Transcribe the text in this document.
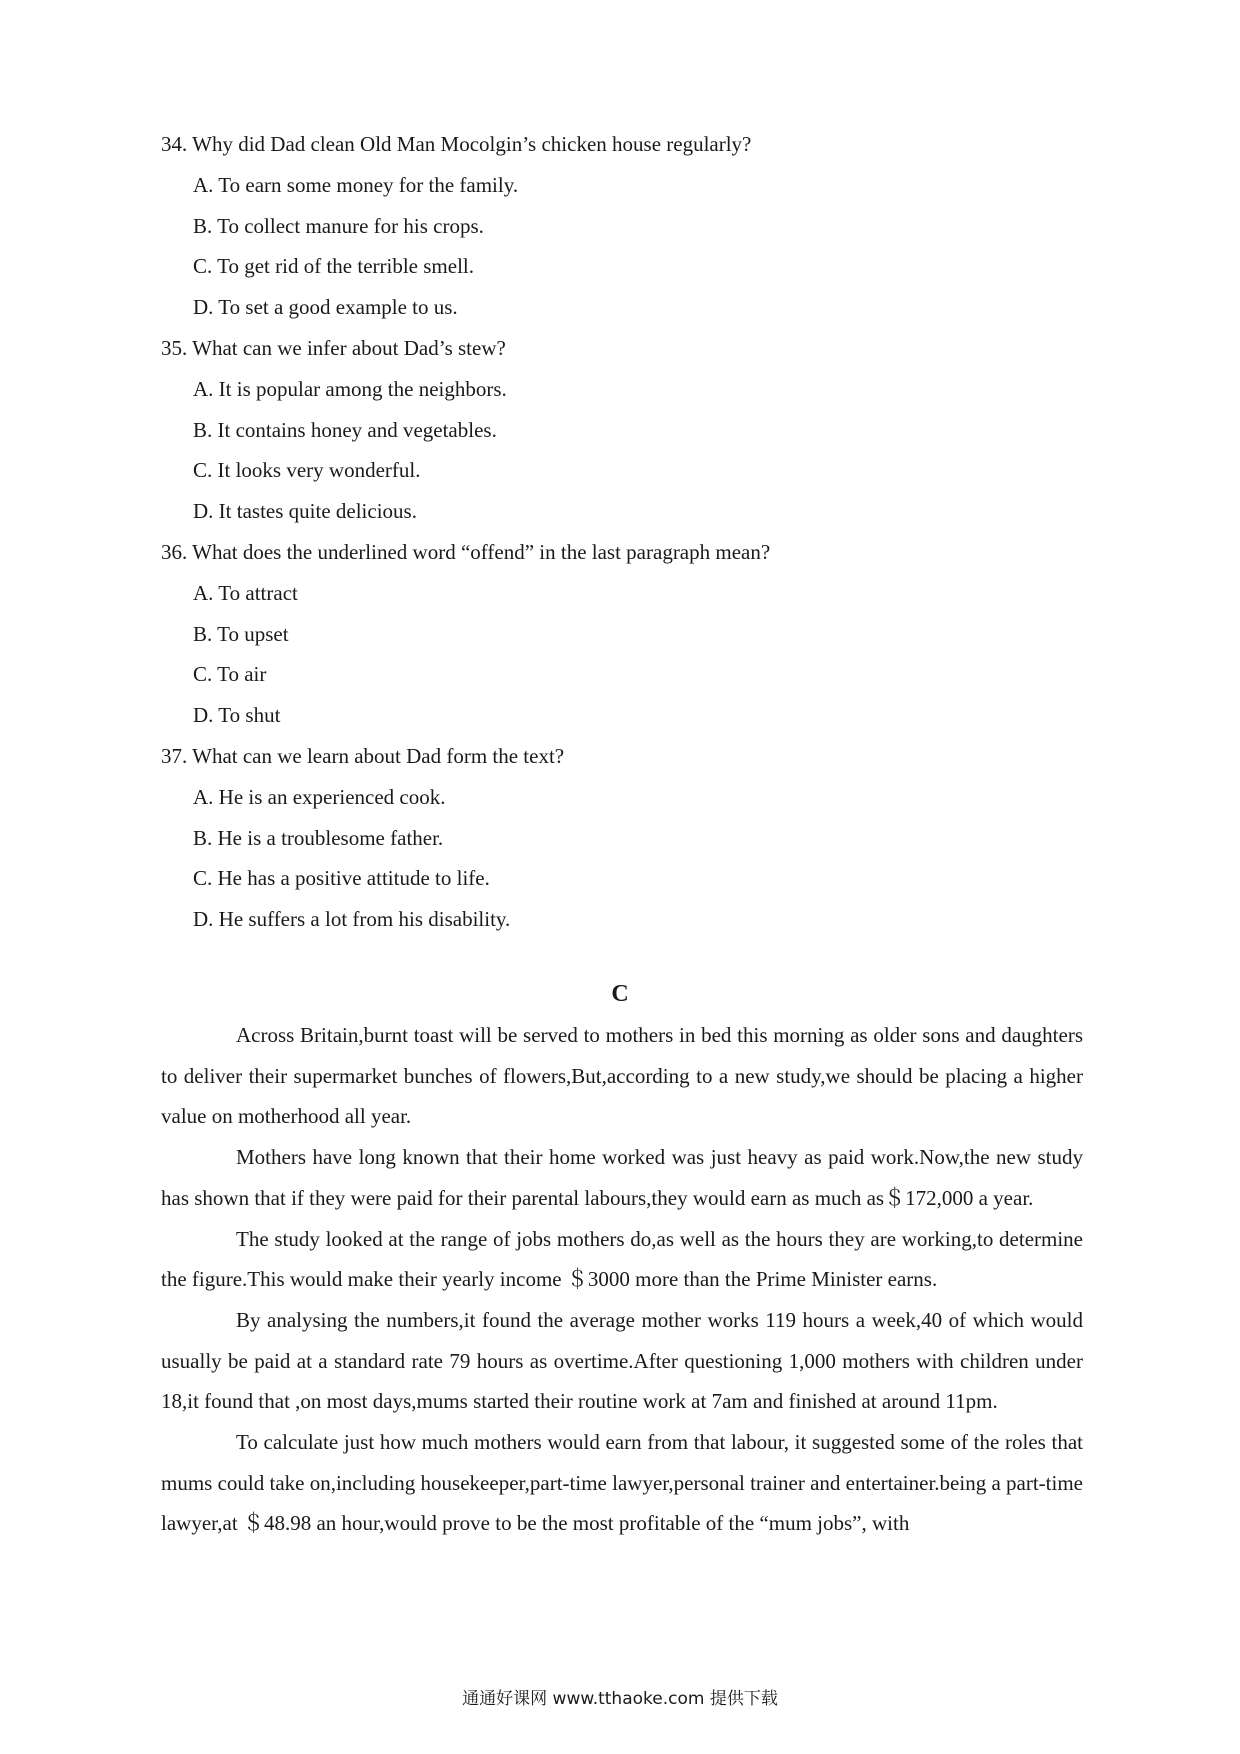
34. Why did Dad clean Old Man Mocolgin’s chicken house regularly?
A. To earn some money for the family.
B. To collect manure for his crops.
C. To get rid of the terrible smell.
D. To set a good example to us.
35. What can we infer about Dad’s stew?
A. It is popular among the neighbors.
B. It contains honey and vegetables.
C. It looks very wonderful.
D. It tastes quite delicious.
36. What does the underlined word “offend” in the last paragraph mean?
A. To attract
B. To upset
C. To air
D. To shut
37. What can we learn about Dad form the text?
A. He is an experienced cook.
B. He is a troublesome father.
C. He has a positive attitude to life.
D. He suffers a lot from his disability.
C

Across Britain,burnt toast will be served to mothers in bed this morning as older sons and daughters to deliver their supermarket bunches of flowers,But,according to a new study,we should be placing a higher value on motherhood all year.

Mothers have long known that their home worked was just heavy as paid work.Now,the new study has shown that if they were paid for their parental labours,they would earn as much as＄172,000 a year.

The study looked at the range of jobs mothers do,as well as the hours they are working,to determine the figure.This would make their yearly income ＄3000 more than the Prime Minister earns.

By analysing the numbers,it found the average mother works 119 hours a week,40 of which would usually be paid at a standard rate 79 hours as overtime.After questioning 1,000 mothers with children under 18,it found that ,on most days,mums started their routine work at 7am and finished at around 11pm.

To calculate just how much mothers would earn from that labour, it suggested some of the roles that mums could take on,including housekeeper,part-time lawyer,personal trainer and entertainer.being a part-time lawyer,at ＄48.98 an hour,would prove to be the most profitable of the “mum jobs”, with

通通好课网 www.tthaoke.com 提供下载
